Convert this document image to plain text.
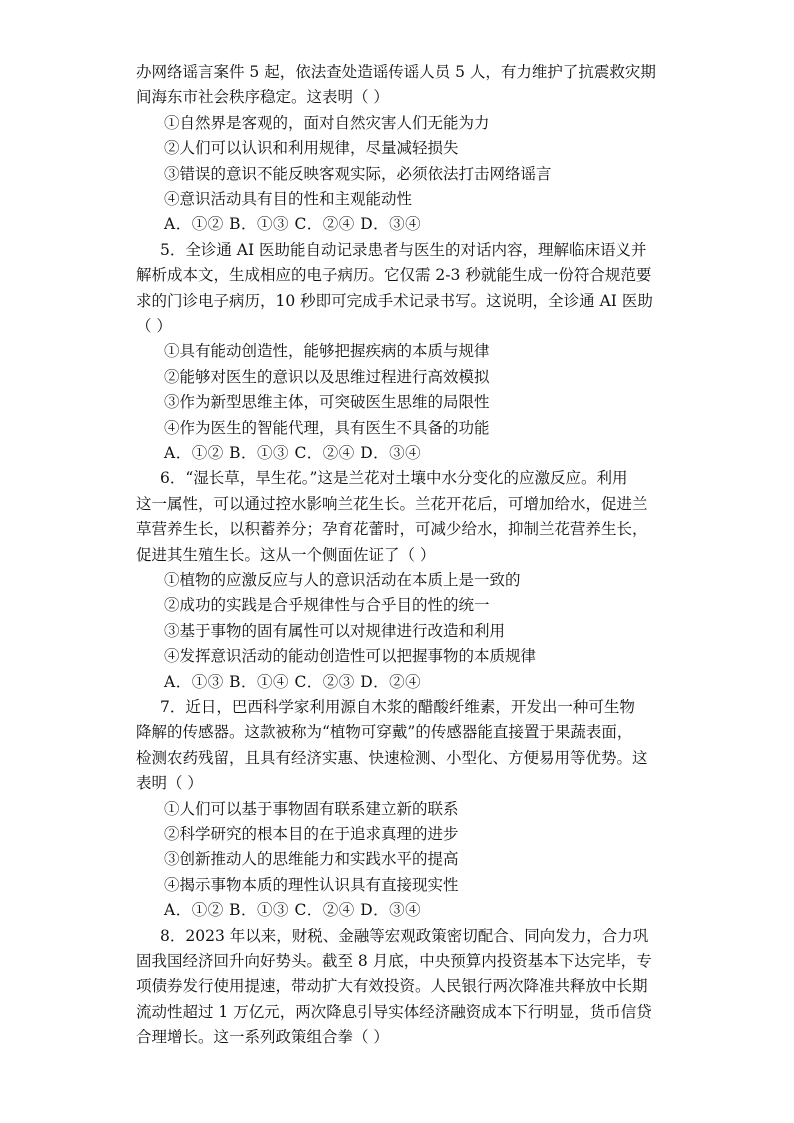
办网络谣言案件 5 起，依法查处造谣传谣人员 5 人，有力维护了抗震救灾期
间海东市社会秩序稳定。这表明（ ）
①自然界是客观的，面对自然灾害人们无能为力
②人们可以认识和利用规律，尽量减轻损失
③错误的意识不能反映客观实际，必须依法打击网络谣言
④意识活动具有目的性和主观能动性
A．①② B．①③ C．②④ D．③④
5．全诊通 AI 医助能自动记录患者与医生的对话内容，理解临床语义并
解析成本文，生成相应的电子病历。它仅需 2-3 秒就能生成一份符合规范要
求的门诊电子病历，10 秒即可完成手术记录书写。这说明，全诊通 AI 医助
（ ）
①具有能动创造性，能够把握疾病的本质与规律
②能够对医生的意识以及思维过程进行高效模拟
③作为新型思维主体，可突破医生思维的局限性
④作为医生的智能代理，具有医生不具备的功能
A．①② B．①③ C．②④ D．③④
6．“湿长草，旱生花。”这是兰花对土壤中水分变化的应激反应。利用
这一属性，可以通过控水影响兰花生长。兰花开花后，可增加给水，促进兰
草营养生长，以积蓄养分；孕育花蕾时，可减少给水，抑制兰花营养生长，
促进其生殖生长。这从一个侧面佐证了（ ）
①植物的应激反应与人的意识活动在本质上是一致的
②成功的实践是合乎规律性与合乎目的性的统一
③基于事物的固有属性可以对规律进行改造和利用
④发挥意识活动的能动创造性可以把握事物的本质规律
A．①③ B．①④ C．②③ D．②④
7．近日，巴西科学家利用源自木浆的醋酸纤维素，开发出一种可生物
降解的传感器。这款被称为“植物可穿戴”的传感器能直接置于果蔬表面，
检测农药残留，且具有经济实惠、快速检测、小型化、方便易用等优势。这
表明（ ）
①人们可以基于事物固有联系建立新的联系
②科学研究的根本目的在于追求真理的进步
③创新推动人的思维能力和实践水平的提高
④揭示事物本质的理性认识具有直接现实性
A．①② B．①③ C．②④ D．③④
8．2023 年以来，财税、金融等宏观政策密切配合、同向发力，合力巩
固我国经济回升向好势头。截至 8 月底，中央预算内投资基本下达完毕，专
项债券发行使用提速，带动扩大有效投资。人民银行两次降准共释放中长期
流动性超过 1 万亿元，两次降息引导实体经济融资成本下行明显，货币信贷
合理增长。这一系列政策组合拳（ ）
